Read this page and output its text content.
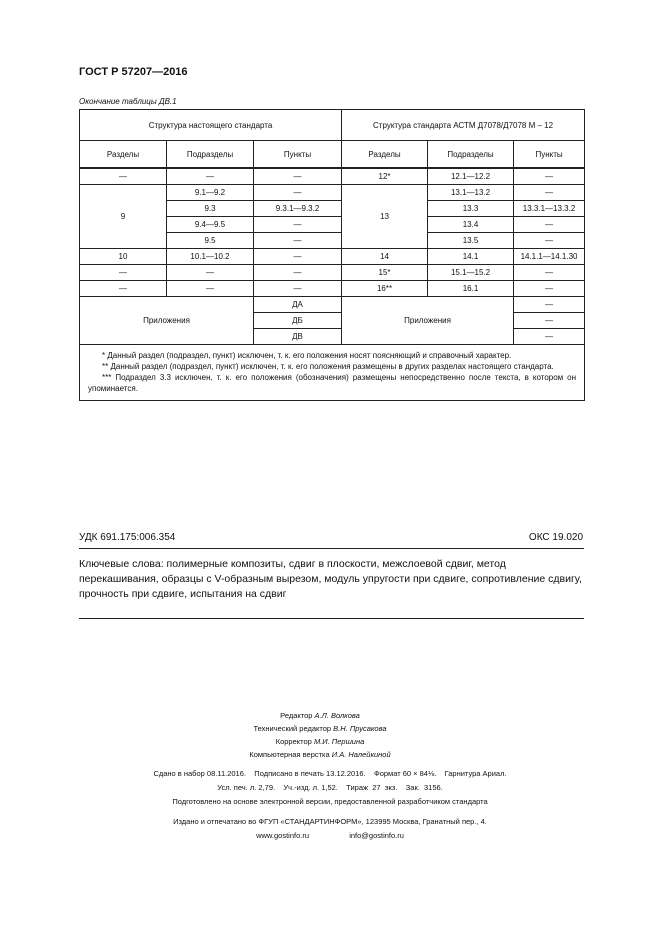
ГОСТ Р 57207—2016
Окончание таблицы ДВ.1
Структура настоящего стандарта			Структура стандарта АСТМ Д7078/Д7078 М – 12		
Разделы	Подразделы	Пункты	Разделы	Подразделы	Пункты
—	—	—	12*	12.1—12.2	—
9	9.1—9.2	—	13	13.1—13.2	—
	9.3	9.3.1—9.3.2		13.3	13.3.1—13.3.2
	9.4—9.5	—		13.4	—
	9.5	—		13.5	—
10	10.1—10.2	—	14	14.1	14.1.1—14.1.30
—	—	—	15*	15.1—15.2	—
—	—	—	16**	16.1	—
Приложения		ДА	Приложения		—
		ДБ			—
		ДВ			—

* Данный раздел (подраздел, пункт) исключен, т. к. его положения носят поясняющий и справочный характер.
** Данный раздел (подраздел, пункт) исключен, т. к. его положения размещены в других разделах настоящего стандарта.
*** Подраздел 3.3 исключен, т. к. его положения (обозначения) размещены непосредственно после текста, в котором он упоминается.					
УДК 691.175:006.354	ОКС 19.020
Ключевые слова: полимерные композиты, сдвиг в плоскости, межслоевой сдвиг, метод перекашивания, образцы с V-образным вырезом, модуль упругости при сдвиге, сопротивление сдвигу, прочность при сдвиге, испытания на сдвиг
Редактор А.Л. Волкова
Технический редактор В.Н. Прусакова
Корректор М.И. Першина
Компьютерная верстка И.А. Налейкиной
Сдано в набор 08.11.2016.    Подписано в печать 13.12.2016.    Формат 60 × 84⅛.    Гарнитура Ариал.
Усл. печ. л. 2,79.    Уч.-изд. л. 1,52.    Тираж  27  экз.    Зак.  3156.
Подготовлено на основе электронной версии, предоставленной разработчиком стандарта
Издано и отпечатано во ФГУП «СТАНДАРТИНФОРМ», 123995 Москва, Гранатный пер., 4.
www.gostinfo.ru	info@gostinfo.ru
